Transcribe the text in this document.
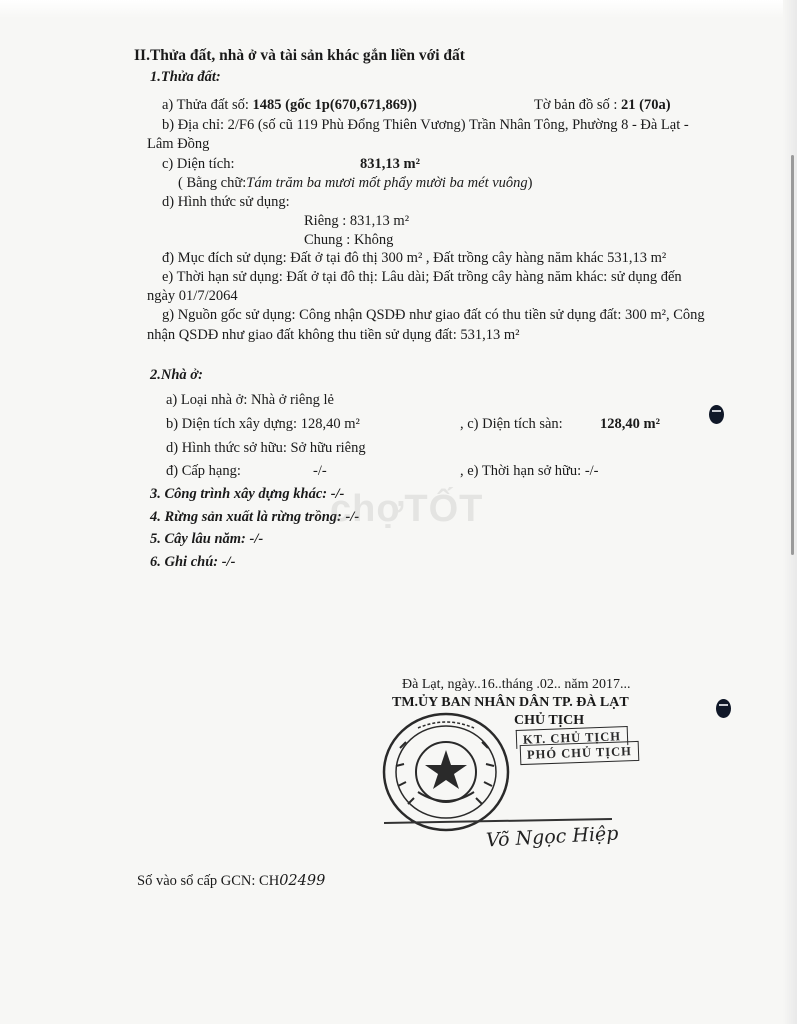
II.Thửa đất, nhà ở và tài sản khác gắn liền với đất
1.Thửa đất:
a) Thửa đất số: 1485 (gốc 1p(670,671,869))	Tờ bản đồ số : 21 (70a)
b) Địa chỉ: 2/F6 (số cũ 119 Phù Đổng Thiên Vương) Trần Nhân Tông, Phường 8 - Đà Lạt -
Lâm Đồng
c) Diện tích:	831,13 m²
( Bằng chữ:Tám trăm ba mươi mốt phẩy mười ba mét vuông)
d) Hình thức sử dụng:
Riêng : 831,13 m²
Chung : Không
đ) Mục đích sử dụng: Đất ở tại đô thị 300 m² , Đất trồng cây hàng năm khác 531,13 m²
e) Thời hạn sử dụng: Đất ở tại đô thị: Lâu dài; Đất trồng cây hàng năm khác: sử dụng đến
ngày 01/7/2064
g) Nguồn gốc sử dụng: Công nhận QSDĐ như giao đất có thu tiền sử dụng đất: 300 m², Công
nhận QSDĐ như giao đất không thu tiền sử dụng đất: 531,13 m²
2.Nhà ở:
a) Loại nhà ở: Nhà ở riêng lẻ
b) Diện tích xây dựng: 128,40 m²	, c) Diện tích sàn:	128,40 m²
d) Hình thức sở hữu: Sở hữu riêng
đ) Cấp hạng:	-/-	, e) Thời hạn sở hữu: -/-
3. Công trình xây dựng khác: -/-
4. Rừng sản xuất là rừng trồng: -/-
5. Cây lâu năm: -/-
6. Ghi chú: -/-
chợTỐT
Đà Lạt, ngày..16..tháng .02.. năm 2017...
TM.ỦY BAN NHÂN DÂN TP. ĐÀ LẠT
CHỦ TỊCH
KT. CHỦ TỊCH
PHÓ CHỦ TỊCH
Võ Ngọc Hiệp
Số vào sổ cấp GCN: CH02499
